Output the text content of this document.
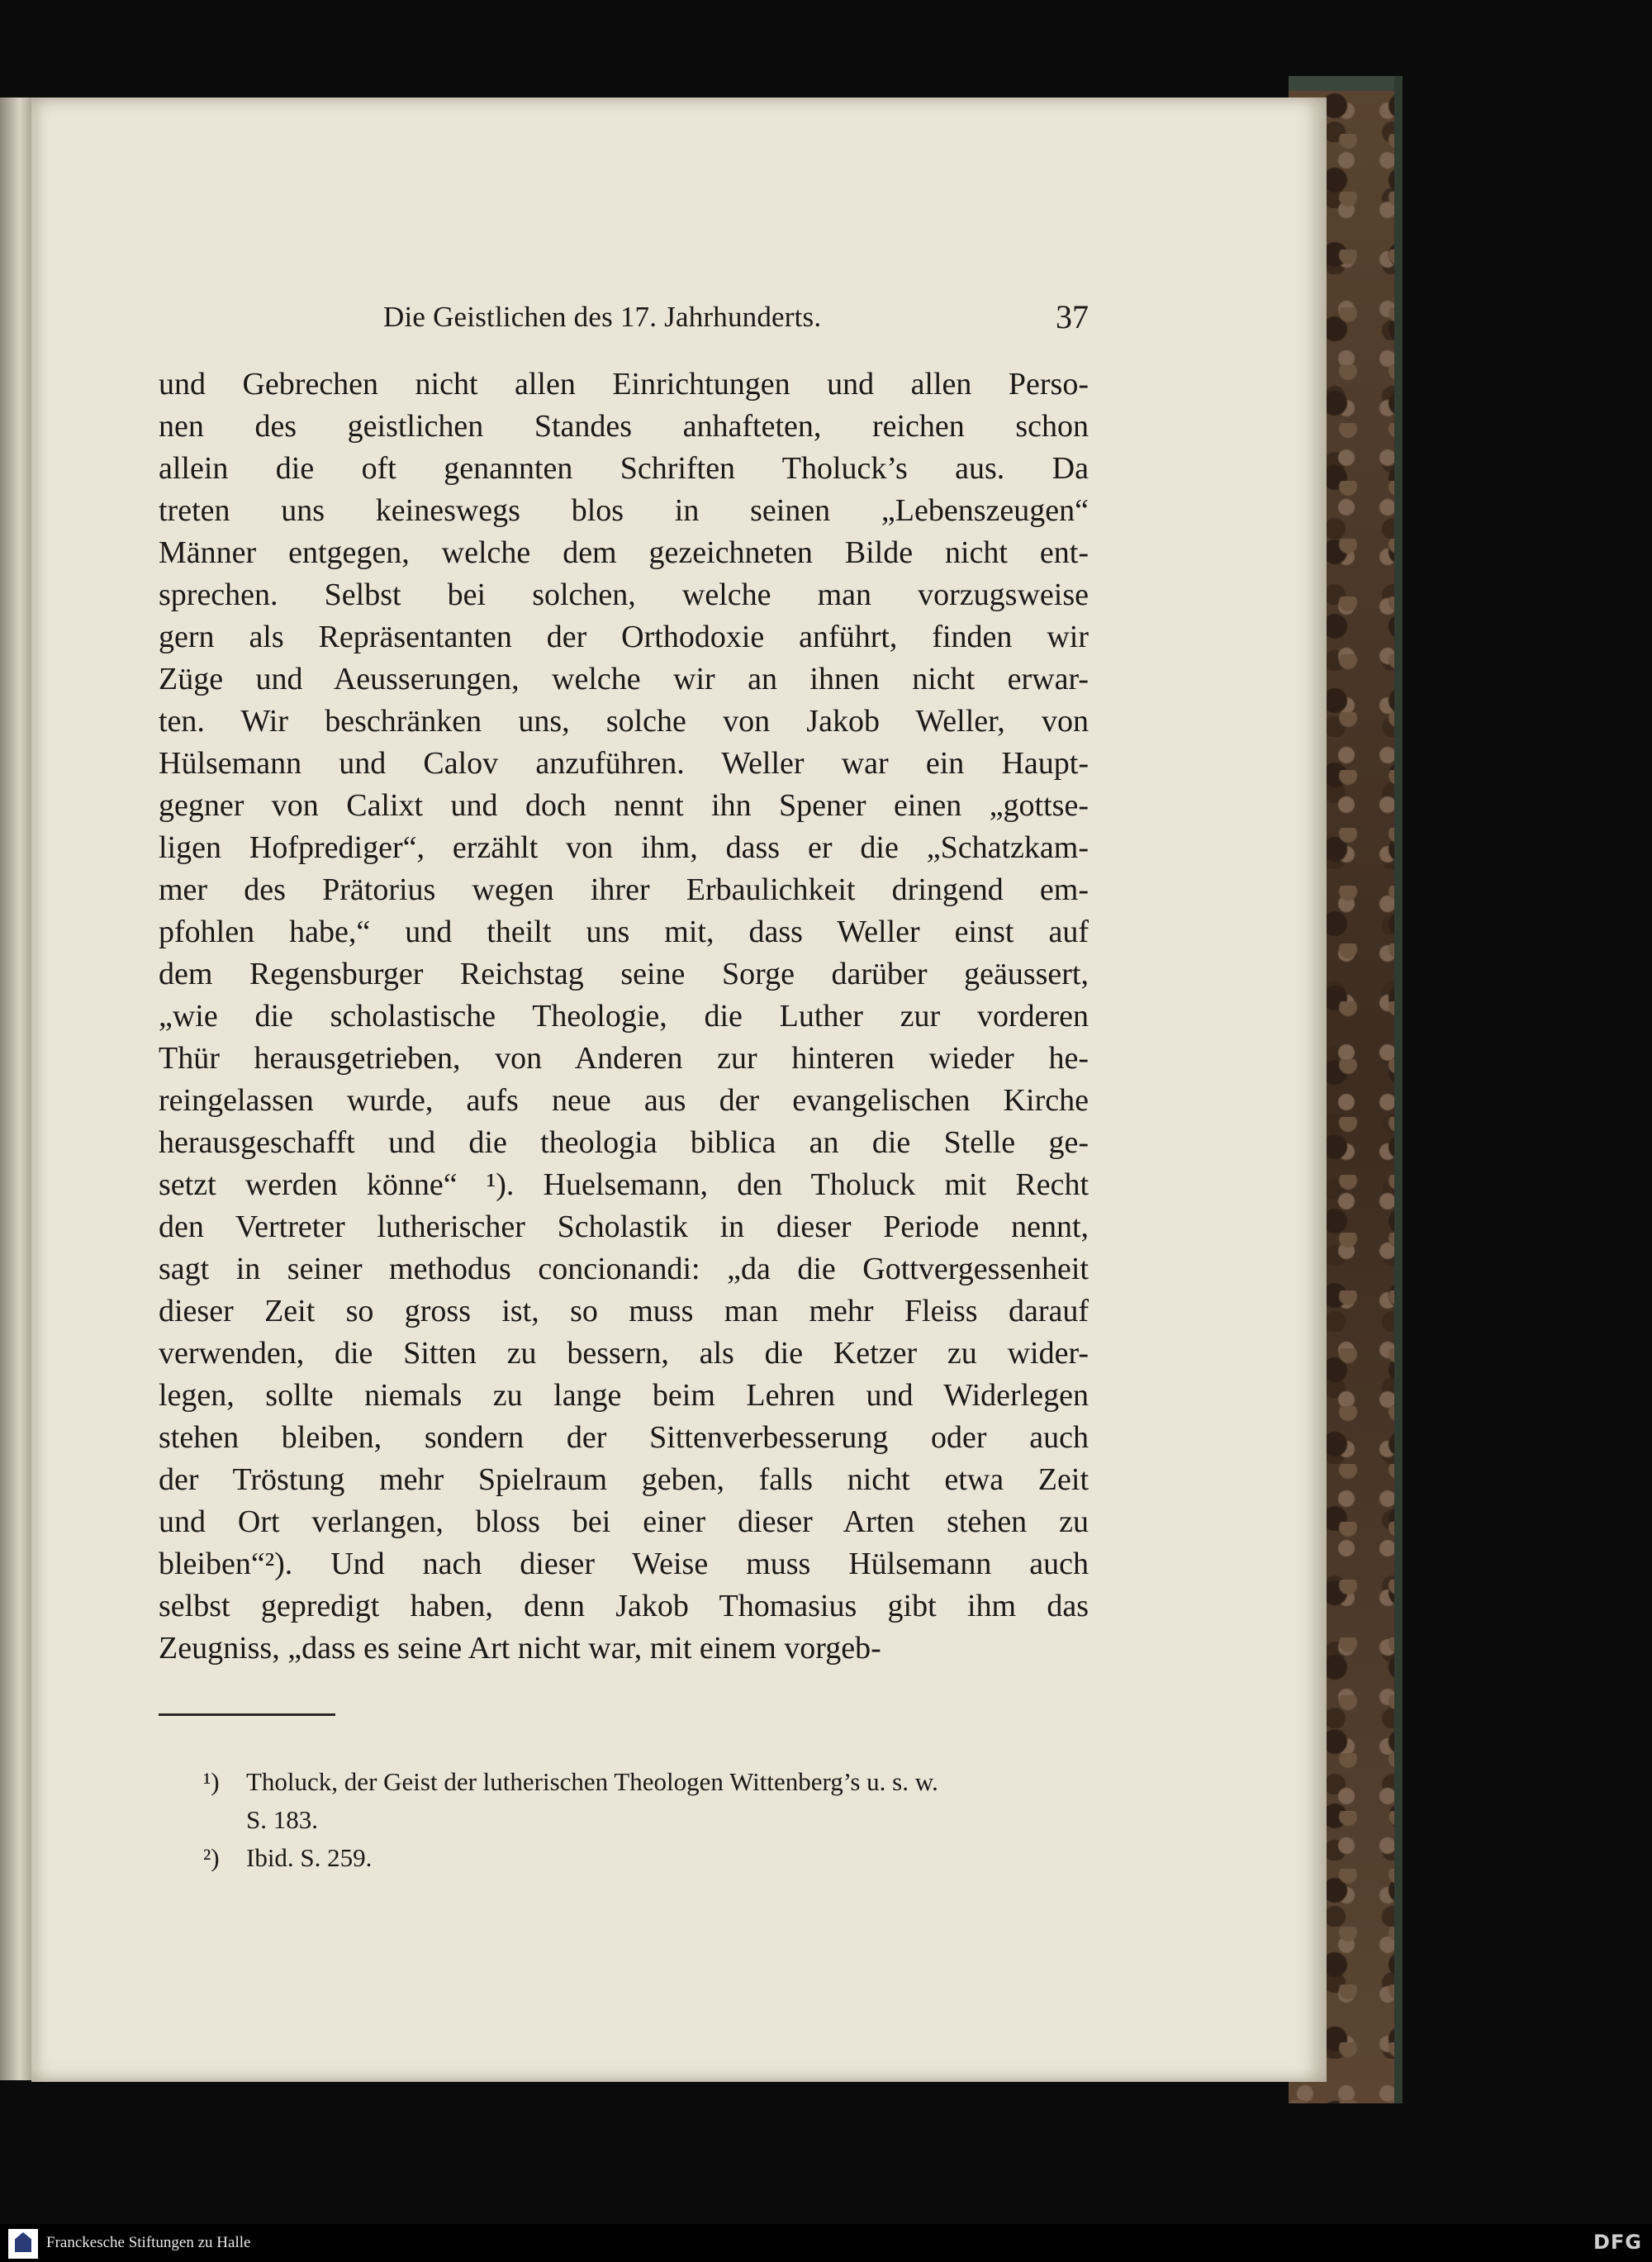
Die Geistlichen des 17. Jahrhunderts.	37
und Gebrechen nicht allen Einrichtungen und allen Perso-
nen des geistlichen Standes anhafteten, reichen schon
allein die oft genannten Schriften Tholuck’s aus. Da
treten uns keineswegs blos in seinen „Lebenszeugen“
Männer entgegen, welche dem gezeichneten Bilde nicht ent-
sprechen. Selbst bei solchen, welche man vorzugsweise
gern als Repräsentanten der Orthodoxie anführt, finden wir
Züge und Aeusserungen, welche wir an ihnen nicht erwar-
ten. Wir beschränken uns, solche von Jakob Weller, von
Hülsemann und Calov anzuführen. Weller war ein Haupt-
gegner von Calixt und doch nennt ihn Spener einen „gottse-
ligen Hofprediger“, erzählt von ihm, dass er die „Schatzkam-
mer des Prätorius wegen ihrer Erbaulichkeit dringend em-
pfohlen habe,“ und theilt uns mit, dass Weller einst auf
dem Regensburger Reichstag seine Sorge darüber geäussert,
„wie die scholastische Theologie, die Luther zur vorderen
Thür herausgetrieben, von Anderen zur hinteren wieder he-
reingelassen wurde, aufs neue aus der evangelischen Kirche
herausgeschafft und die theologia biblica an die Stelle ge-
setzt werden könne“ ¹). Huelsemann, den Tholuck mit Recht
den Vertreter lutherischer Scholastik in dieser Periode nennt,
sagt in seiner methodus concionandi: „da die Gottvergessenheit
dieser Zeit so gross ist, so muss man mehr Fleiss darauf
verwenden, die Sitten zu bessern, als die Ketzer zu wider-
legen, sollte niemals zu lange beim Lehren und Widerlegen
stehen bleiben, sondern der Sittenverbesserung oder auch
der Tröstung mehr Spielraum geben, falls nicht etwa Zeit
und Ort verlangen, bloss bei einer dieser Arten stehen zu
bleiben“²). Und nach dieser Weise muss Hülsemann auch
selbst gepredigt haben, denn Jakob Thomasius gibt ihm das
Zeugniss, „dass es seine Art nicht war, mit einem vorgeb-
¹) Tholuck, der Geist der lutherischen Theologen Wittenberg’s u. s. w.
S. 183.
²) Ibid. S. 259.
Franckesche Stiftungen zu Halle	DFG
